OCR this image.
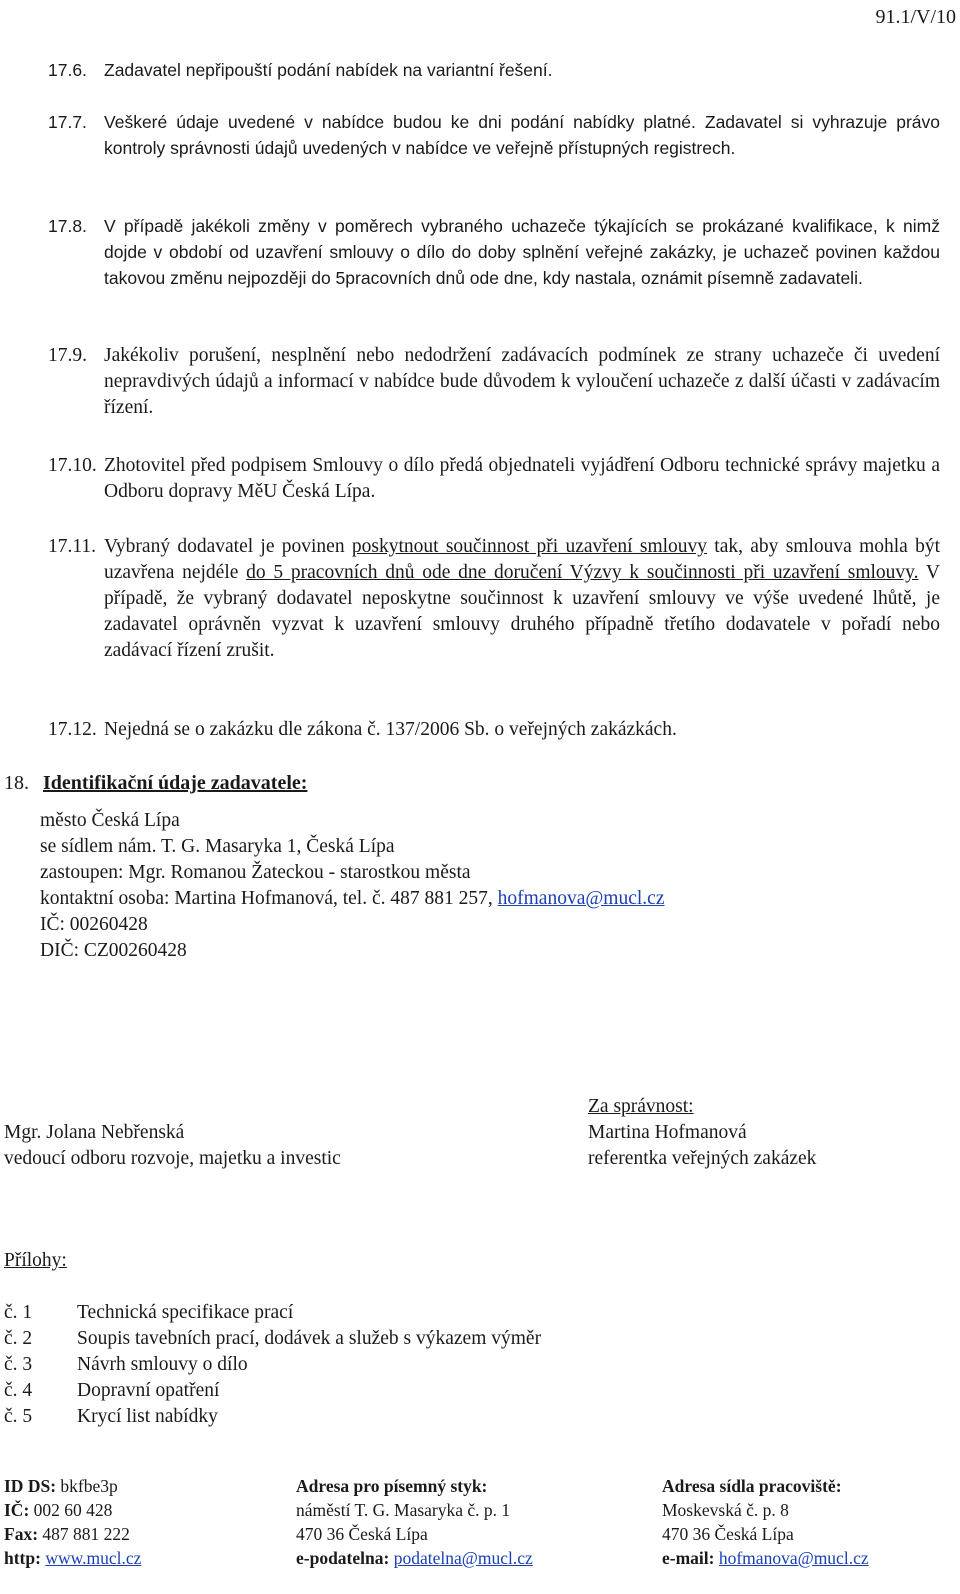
91.1/V/10
17.6. Zadavatel nepřipouští podání nabídek na variantní řešení.
17.7. Veškeré údaje uvedené v nabídce budou ke dni podání nabídky platné. Zadavatel si vyhrazuje právo kontroly správnosti údajů uvedených v nabídce ve veřejně přístupných registrech.
17.8. V případě jakékoli změny v poměrech vybraného uchazeče týkajících se prokázané kvalifikace, k nimž dojde v období od uzavření smlouvy o dílo do doby splnění veřejné zakázky, je uchazeč povinen každou takovou změnu nejpozději do 5pracovních dnů ode dne, kdy nastala, oznámit písemně zadavateli.
17.9. Jakékoliv porušení, nesplnění nebo nedodržení zadávacích podmínek ze strany uchazeče či uvedení nepravdivých údajů a informací v nabídce bude důvodem k vyloučení uchazeče z další účasti v zadávacím řízení.
17.10. Zhotovitel před podpisem Smlouvy o dílo předá objednateli vyjádření Odboru technické správy majetku a Odboru dopravy MěU Česká Lípa.
17.11. Vybraný dodavatel je povinen poskytnout součinnost při uzavření smlouvy tak, aby smlouva mohla být uzavřena nejdéle do 5 pracovních dnů ode dne doručení Výzvy k součinnosti při uzavření smlouvy. V případě, že vybraný dodavatel neposkytne součinnost k uzavření smlouvy ve výše uvedené lhůtě, je zadavatel oprávněn vyzvat k uzavření smlouvy druhého případně třetího dodavatele v pořadí nebo zadávací řízení zrušit.
17.12. Nejedná se o zakázku dle zákona č. 137/2006 Sb. o veřejných zakázkách.
18. Identifikační údaje zadavatele:
město Česká Lípa
se sídlem nám. T. G. Masaryka 1, Česká Lípa
zastoupen: Mgr. Romanou Žateckou - starostkou města
kontaktní osoba: Martina Hofmanová, tel. č. 487 881 257, hofmanova@mucl.cz
IČ: 00260428
DIČ: CZ00260428
Mgr. Jolana Nebřenská
vedoucí odboru rozvoje, majetku a investic
Za správnost:
Martina Hofmanová
referentka veřejných zakázek
Přílohy:
č. 1	Technická specifikace prací
č. 2	Soupis tavebních prací, dodávek a služeb s výkazem výměr
č. 3	Návrh smlouvy o dílo
č. 4	Dopravní opatření
č. 5	Krycí list nabídky
ID DS: bkfbe3p
IČ: 002 60 428
Fax: 487 881 222
http: www.mucl.cz
Adresa pro písemný styk:
náměstí T. G. Masaryka č. p. 1
470 36 Česká Lípa
e-podatelna: podatelna@mucl.cz
Adresa sídla pracoviště:
Moskevská č. p. 8
470 36 Česká Lípa
e-mail: hofmanova@mucl.cz
